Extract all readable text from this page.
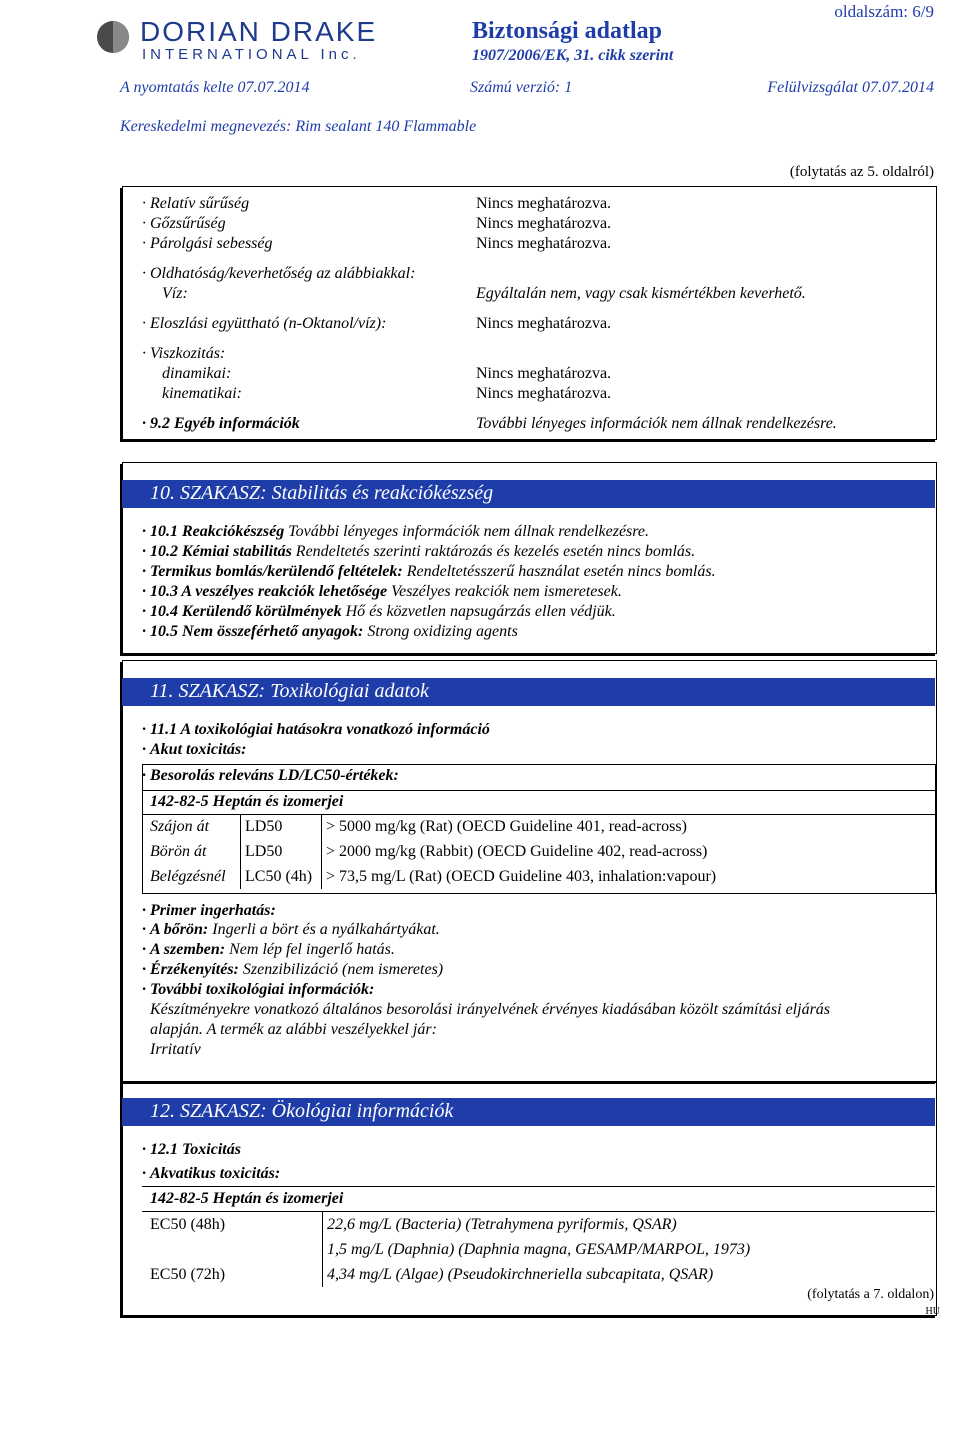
DORIAN DRAKE
INTERNATIONAL Inc.
Biztonsági adatlap
1907/2006/EK, 31. cikk szerint
oldalszám: 6/9
A nyomtatás kelte 07.07.2014	Számú verzió: 1	Felülvizsgálat 07.07.2014
Kereskedelmi megnevezés: Rim sealant 140 Flammable
(folytatás az 5. oldalról)
· Relatív sűrűség	Nincs meghatározva.
· Gőzsűrűség	Nincs meghatározva.
· Párolgási sebesség	Nincs meghatározva.
· Oldhatóság/keverhetőség az alábbiakkal:
Víz:	Egyáltalán nem, vagy csak kismértékben keverhető.
· Eloszlási együttható (n-Oktanol/víz):	Nincs meghatározva.
· Viszkozitás:
dinamikai:	Nincs meghatározva.
kinematikai:	Nincs meghatározva.
· 9.2 Egyéb információk	További lényeges információk nem állnak rendelkezésre.
10. SZAKASZ: Stabilitás és reakciókészség
· 10.1 Reakciókészség További lényeges információk nem állnak rendelkezésre.
· 10.2 Kémiai stabilitás Rendeltetés szerinti raktározás és kezelés esetén nincs bomlás.
· Termikus bomlás/kerülendő feltételek: Rendeltetésszerű használat esetén nincs bomlás.
· 10.3 A veszélyes reakciók lehetősége Veszélyes reakciók nem ismeretesek.
· 10.4 Kerülendő körülmények Hő és közvetlen napsugárzás ellen védjük.
· 10.5 Nem összeférhető anyagok: Strong oxidizing agents
11. SZAKASZ: Toxikológiai adatok
· 11.1 A toxikológiai hatásokra vonatkozó információ
· Akut toxicitás:
· Besorolás releváns LD/LC50-értékek:
142-82-5 Heptán és izomerjei
Szájon át	LD50	> 5000 mg/kg (Rat) (OECD Guideline 401, read-across)
Börön át	LD50	> 2000 mg/kg (Rabbit) (OECD Guideline 402, read-across)
Belégzésnél	LC50 (4h)	> 73,5 mg/L (Rat) (OECD Guideline 403, inhalation:vapour)
· Primer ingerhatás:
· A bőrön: Ingerli a bört és a nyálkahártyákat.
· A szemben: Nem lép fel ingerlő hatás.
· Érzékenyítés: Szenzibilizáció (nem ismeretes)
· További toxikológiai információk:
Készítményekre vonatkozó általános besorolási irányelvének érvényes kiadásában közölt számítási eljárás
alapján. A termék az alábbi veszélyekkel jár:
Irritatív
12. SZAKASZ: Ökológiai információk
· 12.1 Toxicitás
· Akvatikus toxicitás:
142-82-5 Heptán és izomerjei
EC50 (48h)	22,6 mg/L (Bacteria) (Tetrahymena pyriformis, QSAR)
	1,5 mg/L (Daphnia) (Daphnia magna, GESAMP/MARPOL, 1973)
EC50 (72h)	4,34 mg/L (Algae) (Pseudokirchneriella subcapitata, QSAR)
(folytatás a 7. oldalon)
HU
